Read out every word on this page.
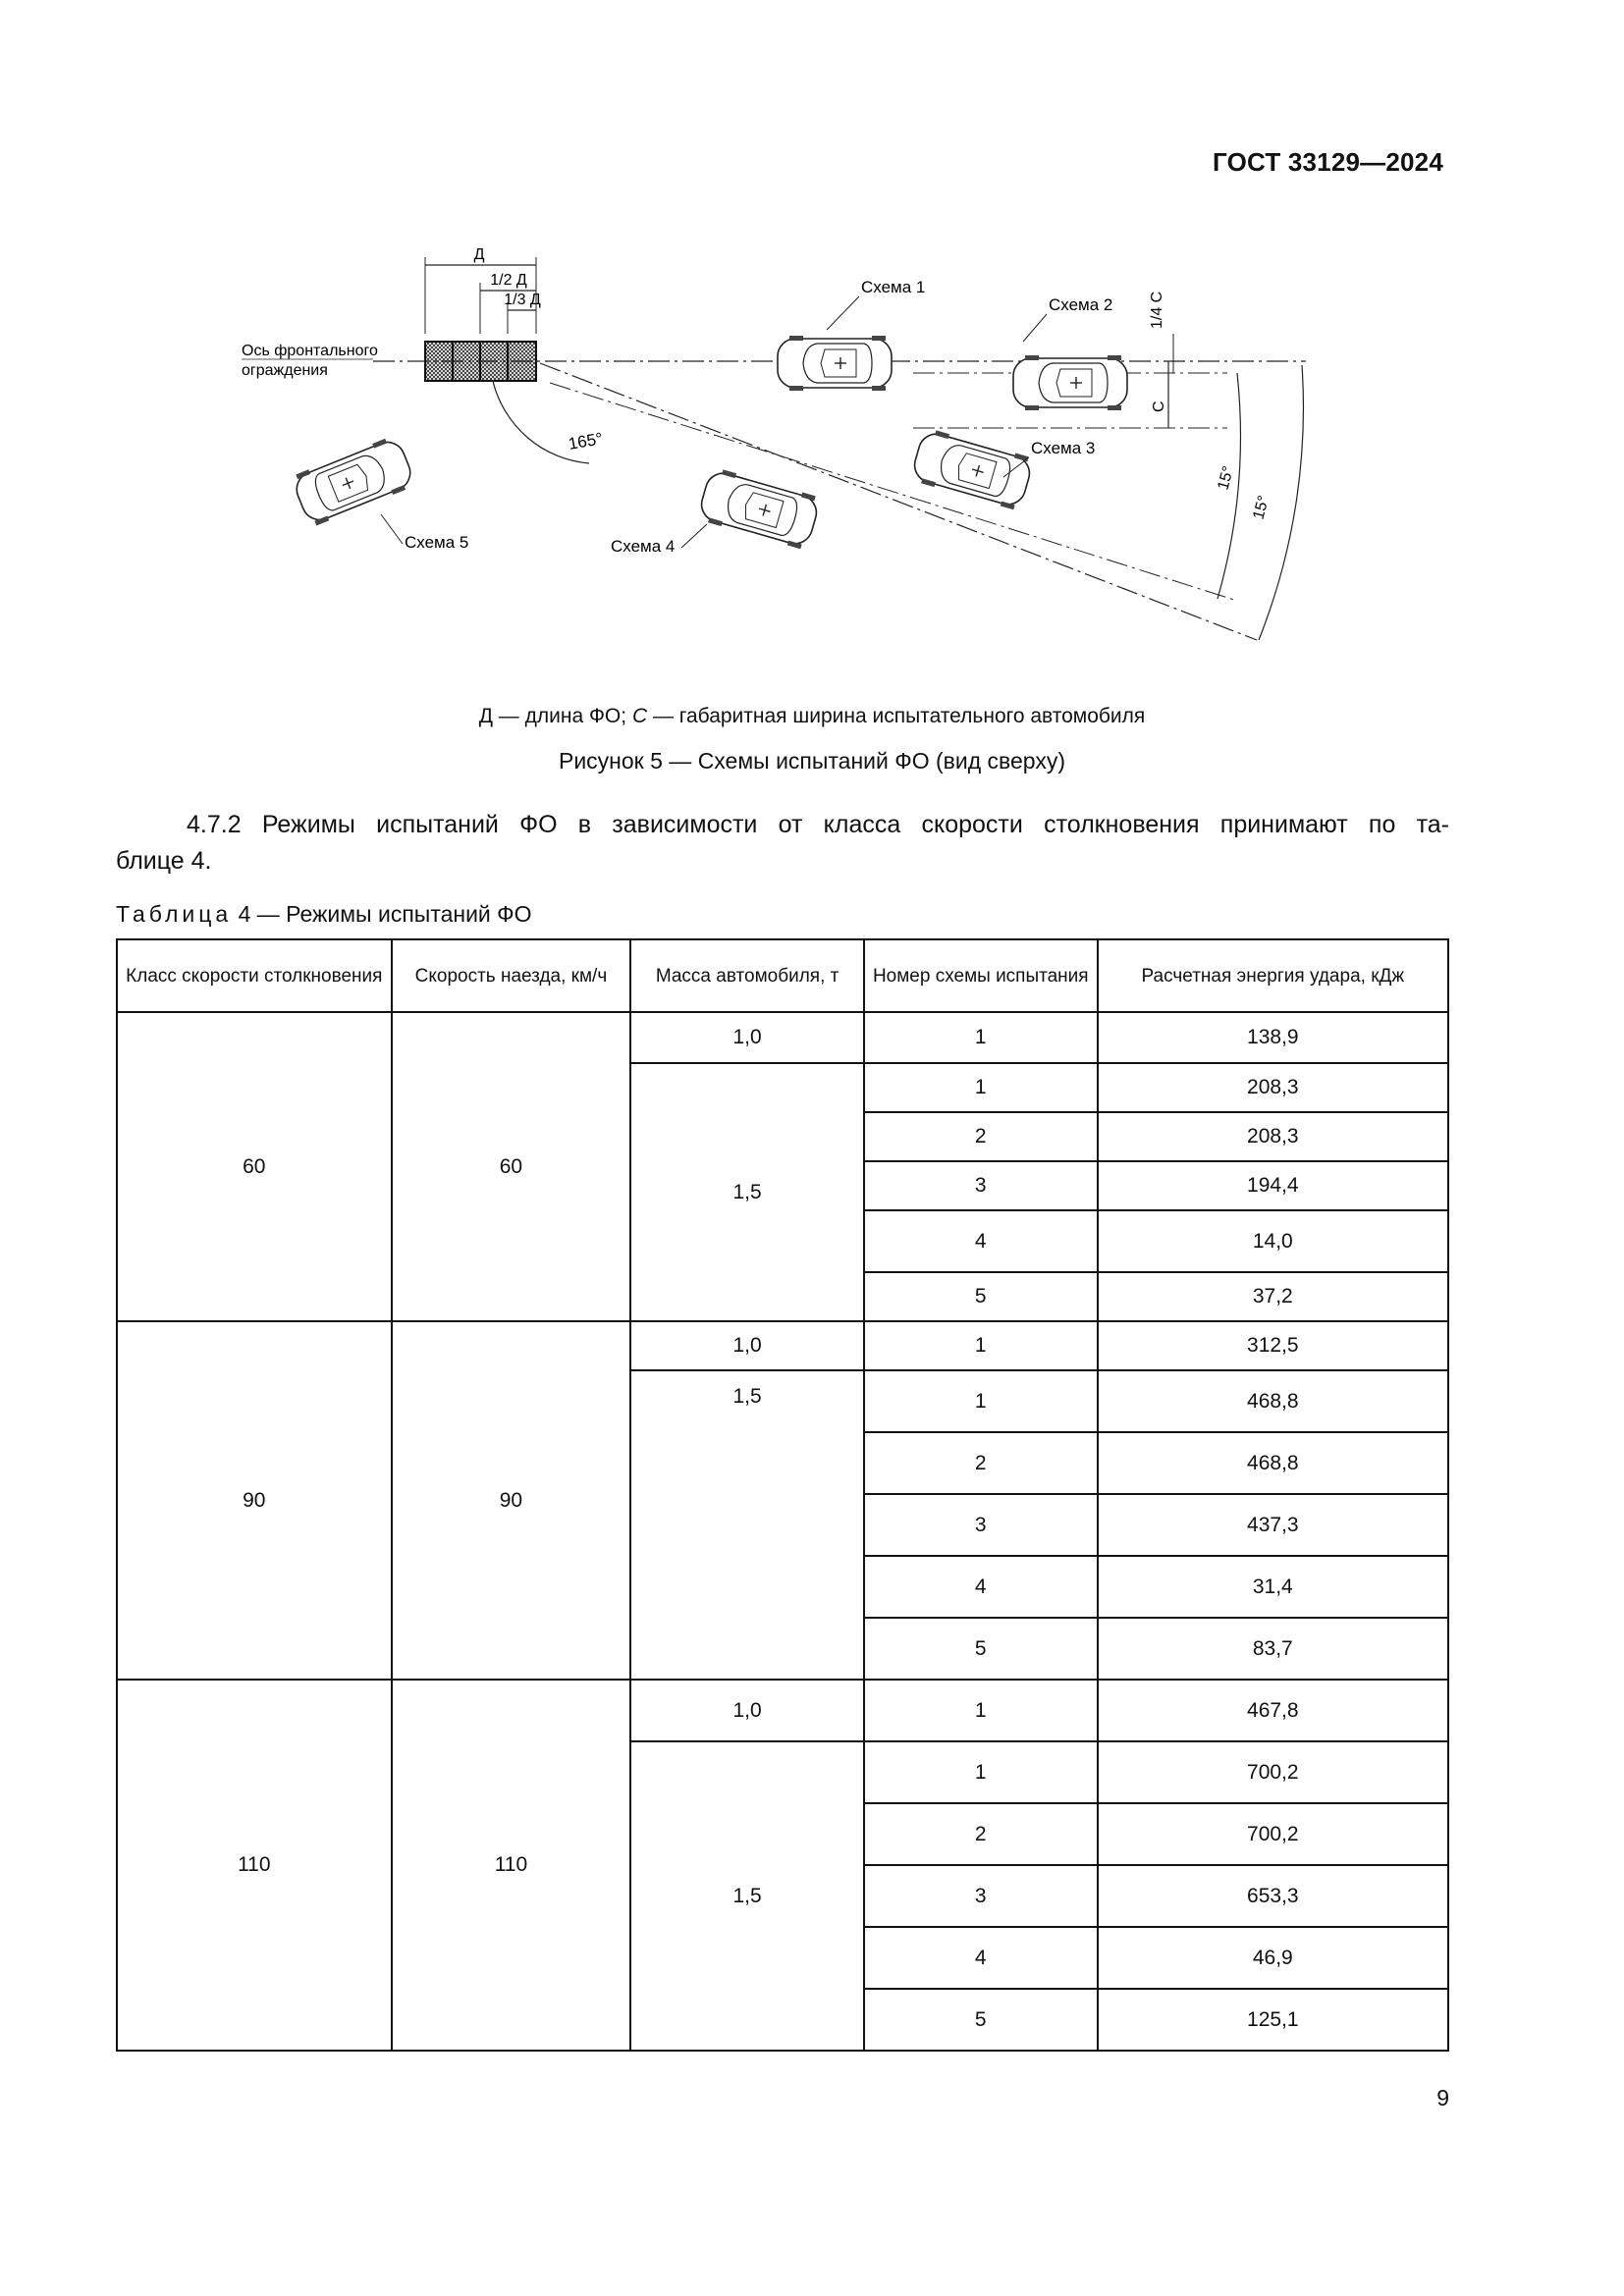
ГОСТ 33129—2024
Д
1/2 Д
1/3 Д
Ось фронтального
ограждения
165°
С
1/4 С
15°
15°
Схема 1
Схема 2
Схема 3
Схема 4
Схема 5
Д — длина ФО; С — габаритная ширина испытательного автомобиля
Рисунок 5 — Схемы испытаний ФО (вид сверху)
4.7.2 Режимы испытаний ФО в зависимости от класса скорости столкновения принимают по та-
блице 4.
Таблица 4 — Режимы испытаний ФО
Класс скорости столкновения	Скорость наезда, км/ч	Масса автомобиля, т	Номер схемы испытания	Расчетная энергия удара, кДж
60	60	1,0	1	138,9
		1,5	1	208,3
			2	208,3
			3	194,4
			4	14,0
			5	37,2
90	90	1,0	1	312,5
		1,5	1	468,8
			2	468,8
			3	437,3
			4	31,4
			5	83,7
110	110	1,0	1	467,8
		1,5	1	700,2
			2	700,2
			3	653,3
			4	46,9
			5	125,1
9
